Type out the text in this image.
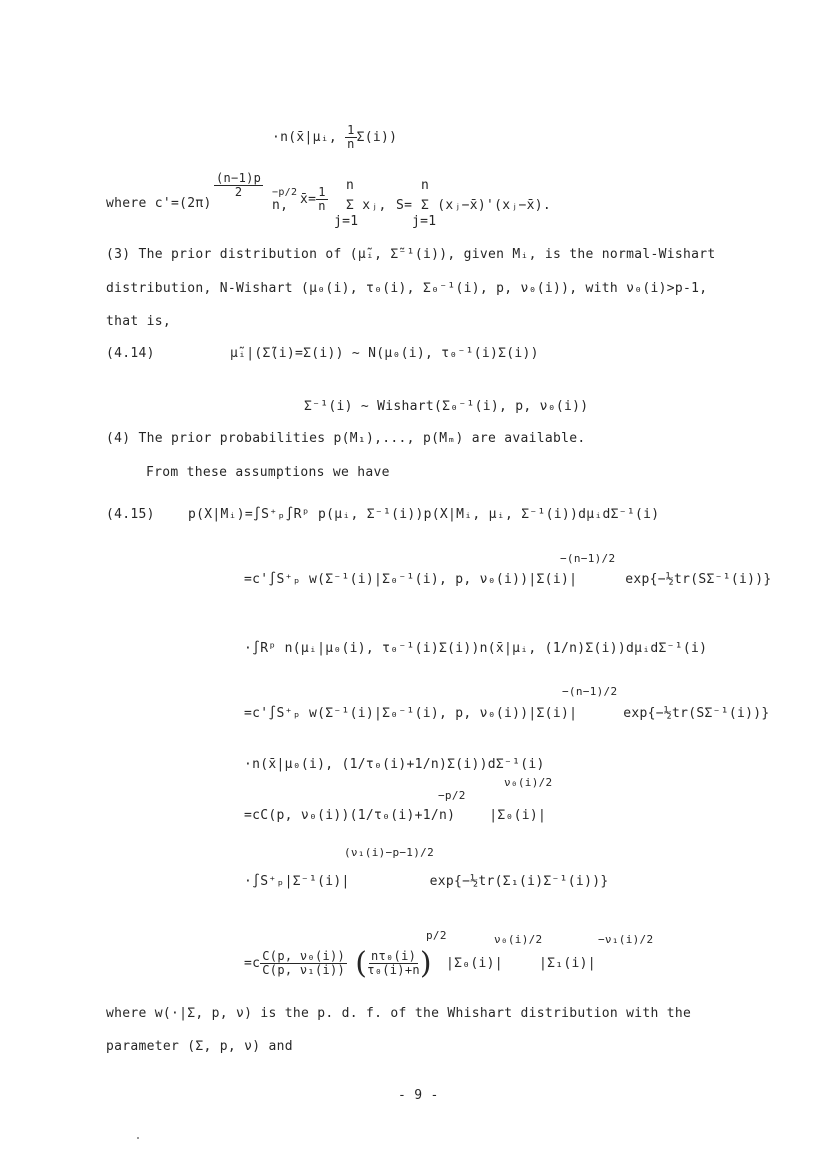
·n(x̄|μᵢ, $\frac{1}{n} \Sigma(i)$)
$\frac{(n-1)p}{2}$
where c'=(2π)
−p/2
n, x̄= $\frac{1}{n}$
n
Σ xⱼ,
j=1
S=
n
Σ (xⱼ−x̄)'(xⱼ−x̄).
j=1
(3) The prior distribution of (μ̃ᵢ, Σ̃⁻¹(i)), given Mᵢ, is the normal-Wishart
distribution, N-Wishart (μ₀(i), τ₀(i), Σ₀⁻¹(i), p, ν₀(i)), with ν₀(i)>p-1,
that is,
(4.14)	μ̃ᵢ|(Σ̃(i)=Σ(i)) ~ N(μ₀(i), τ₀⁻¹(i)Σ(i))
Σ⁻¹(i) ~ Wishart(Σ₀⁻¹(i), p, ν₀(i))
(4) The prior probabilities p(M₁),..., p(Mₘ) are available.
From these assumptions we have
(4.15)	p(X|Mᵢ)=∫S⁺ₚ∫Rᵖ p(μᵢ, Σ⁻¹(i))p(X|Mᵢ, μᵢ, Σ⁻¹(i))dμᵢdΣ⁻¹(i)
−(n−1)/2
=c'∫S⁺ₚ w(Σ⁻¹(i)|Σ₀⁻¹(i), p, ν₀(i))|Σ(i)|	exp{−½tr(SΣ⁻¹(i))}
·∫Rᵖ n(μᵢ|μ₀(i), τ₀⁻¹(i)Σ(i))n(x̄|μᵢ, (1/n)Σ(i))dμᵢdΣ⁻¹(i)
−(n−1)/2
=c'∫S⁺ₚ w(Σ⁻¹(i)|Σ₀⁻¹(i), p, ν₀(i))|Σ(i)|	exp{−½tr(SΣ⁻¹(i))}
·n(x̄|μ₀(i), (1/τ₀(i)+1/n)Σ(i))dΣ⁻¹(i)
−p/2
ν₀(i)/2
=cC(p, ν₀(i))(1/τ₀(i)+1/n)	|Σ₀(i)|
(ν₁(i)−p−1)/2
·∫S⁺ₚ|Σ⁻¹(i)|	exp{−½tr(Σ₁(i)Σ⁻¹(i))}
p/2	ν₀(i)/2	−ν₁(i)/2
$=c \frac{\text{C(p, ν₀(i))}}{\text{C(p, ν₁(i))}}$ ( $\frac{\text{nτ₀(i)}}{\text{τ₀(i)+n}}$ ) |Σ₀(i)|	|Σ₁(i)|
where w(·|Σ, p, ν) is the p. d. f. of the Whishart distribution with the
parameter (Σ, p, ν) and
- 9 -
